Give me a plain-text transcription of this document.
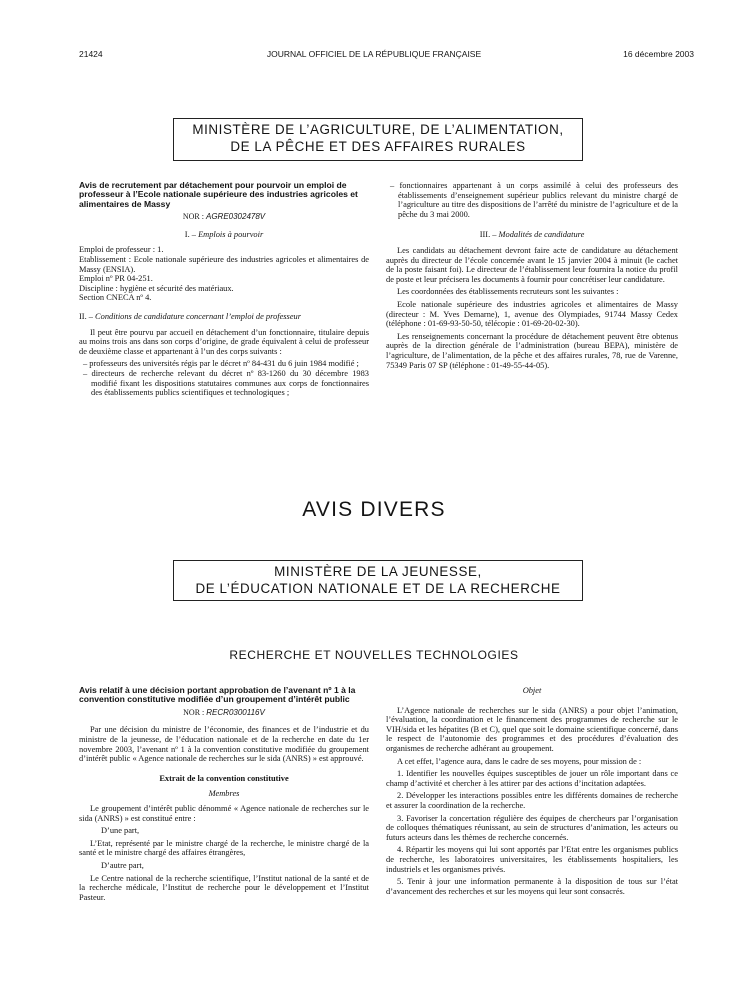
21424	JOURNAL OFFICIEL DE LA RÉPUBLIQUE FRANÇAISE	16 décembre 2003
MINISTÈRE DE L’AGRICULTURE, DE L’ALIMENTATION,
DE LA PÊCHE ET DES AFFAIRES RURALES
Avis de recrutement par détachement pour pourvoir un emploi de professeur à l’Ecole nationale supérieure des industries agricoles et alimentaires de Massy
NOR : AGRE0302478V
I. – Emplois à pourvoir

Emploi de professeur : 1.

Etablissement : Ecole nationale supérieure des industries agricoles et alimentaires de Massy (ENSIA).

Emploi nº PR 04-251.

Discipline : hygiène et sécurité des matériaux.

Section CNECA nº 4.

II. – Conditions de candidature concernant l’emploi de professeur

Il peut être pourvu par accueil en détachement d’un fonctionnaire, titulaire depuis au moins trois ans dans son corps d’origine, de grade équivalent à celui de professeur de deuxième classe et appartenant à l’un des corps suivants :

– professeurs des universités régis par le décret nº 84-431 du 6 juin 1984 modifié ;

– directeurs de recherche relevant du décret nº 83-1260 du 30 décembre 1983 modifié fixant les dispositions statutaires communes aux corps de fonctionnaires des établissements publics scientifiques et technologiques ;

– fonctionnaires appartenant à un corps assimilé à celui des professeurs des établissements d’enseignement supérieur publics relevant du ministre chargé de l’agriculture au titre des dispositions de l’arrêté du ministre de l’agriculture et de la pêche du 3 mai 2000.

III. – Modalités de candidature

Les candidats au détachement devront faire acte de candidature au détachement auprès du directeur de l’école concernée avant le 15 janvier 2004 à minuit (le cachet de la poste faisant foi). Le directeur de l’établissement leur fournira la notice du profil de poste et leur précisera les documents à fournir pour concrétiser leur candidature.

Les coordonnées des établissements recruteurs sont les suivantes :

Ecole nationale supérieure des industries agricoles et alimentaires de Massy (directeur : M. Yves Demarne), 1, avenue des Olympiades, 91744 Massy Cedex (téléphone : 01-69-93-50-50, télécopie : 01-69-20-02-30).

Les renseignements concernant la procédure de détachement peuvent être obtenus auprès de la direction générale de l’administration (bureau BEPA), ministère de l’agriculture, de l’alimentation, de la pêche et des affaires rurales, 78, rue de Varenne, 75349 Paris 07 SP (téléphone : 01-49-55-44-05).

AVIS DIVERS
MINISTÈRE DE LA JEUNESSE,
DE L’ÉDUCATION NATIONALE ET DE LA RECHERCHE
RECHERCHE ET NOUVELLES TECHNOLOGIES
Avis relatif à une décision portant approbation de l’avenant nº 1 à la convention constitutive modifiée d’un groupement d’intérêt public
NOR : RECR0300116V

Par une décision du ministre de l’économie, des finances et de l’industrie et du ministre de la jeunesse, de l’éducation nationale et de la recherche en date du 1er novembre 2003, l’avenant nº 1 à la convention constitutive modifiée du groupement d’intérêt public « Agence nationale de recherches sur le sida (ANRS) » est approuvé.

Extrait de la convention constitutive
Membres

Le groupement d’intérêt public dénommé « Agence nationale de recherches sur le sida (ANRS) » est constitué entre :

D’une part,

L’Etat, représenté par le ministre chargé de la recherche, le ministre chargé de la santé et le ministre chargé des affaires étrangères,

D’autre part,

Le Centre national de la recherche scientifique, l’Institut national de la santé et de la recherche médicale, l’Institut de recherche pour le développement et l’Institut Pasteur.

Objet

L’Agence nationale de recherches sur le sida (ANRS) a pour objet l’animation, l’évaluation, la coordination et le financement des programmes de recherche sur le VIH/sida et les hépatites (B et C), quel que soit le domaine scientifique concerné, dans le respect de l’autonomie des programmes et des procédures d’évaluation des organismes de recherche adhérant au groupement.

A cet effet, l’agence aura, dans le cadre de ses moyens, pour mission de :

1. Identifier les nouvelles équipes susceptibles de jouer un rôle important dans ce champ d’activité et chercher à les attirer par des actions d’incitation adaptées.

2. Développer les interactions possibles entre les différents domaines de recherche et assurer la coordination de la recherche.

3. Favoriser la concertation régulière des équipes de chercheurs par l’organisation de colloques thématiques réunissant, au sein de structures d’animation, les acteurs ou futurs acteurs dans les thèmes de recherche concernés.

4. Répartir les moyens qui lui sont apportés par l’Etat entre les organismes publics de recherche, les laboratoires universitaires, les établissements hospitaliers, les industriels et les organismes privés.

5. Tenir à jour une information permanente à la disposition de tous sur l’état d’avancement des recherches et sur les moyens qui leur sont consacrés.
